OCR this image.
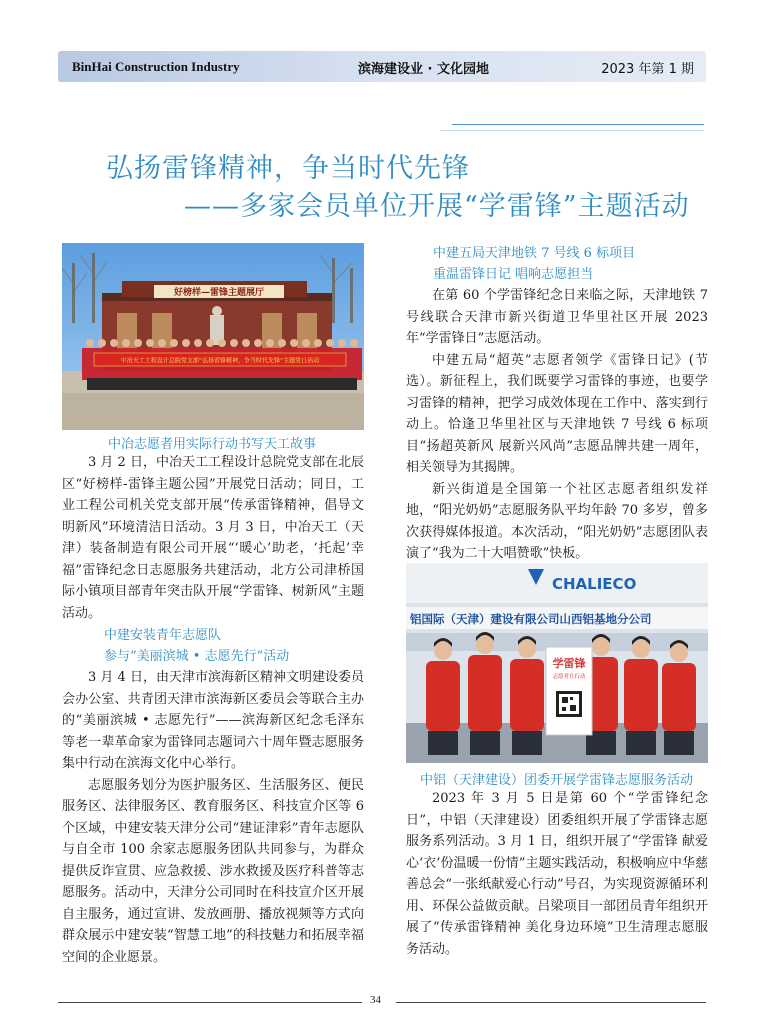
BinHai Construction Industry	滨海建设业 · 文化园地	2023 年第 1 期
弘扬雷锋精神，争当时代先锋
——多家会员单位开展“学雷锋”主题活动
好榜样—雷锋主题展厅
中冶天工工程设计总院党支部“弘扬雷锋精神，争当时代先锋”主题党日活动
中冶志愿者用实际行动书写天工故事

3 月 2 日，中冶天工工程设计总院党支部在北辰区“好榜样-雷锋主题公园”开展党日活动；同日，工业工程公司机关党支部开展“传承雷锋精神，倡导文明新风”环境清洁日活动。3 月 3 日，中冶天工（天津）装备制造有限公司开展“‘暖心’助老，‘托起’幸福”雷锋纪念日志愿服务共建活动，北方公司津桥国际小镇项目部青年突击队开展“学雷锋、树新风”主题活动。

中建安装青年志愿队
参与“美丽滨城 • 志愿先行”活动

3 月 4 日，由天津市滨海新区精神文明建设委员会办公室、共青团天津市滨海新区委员会等联合主办的“美丽滨城 • 志愿先行”——滨海新区纪念毛泽东等老一辈革命家为雷锋同志题词六十周年暨志愿服务集中行动在滨海文化中心举行。

志愿服务划分为医护服务区、生活服务区、便民服务区、法律服务区、教育服务区、科技宣介区等 6 个区域，中建安装天津分公司“建证津彩”青年志愿队与自全市 100 余家志愿服务团队共同参与，为群众提供反诈宣贯、应急救援、涉水救援及医疗科普等志愿服务。活动中，天津分公司同时在科技宣介区开展自主服务，通过宣讲、发放画册、播放视频等方式向群众展示中建安装“智慧工地”的科技魅力和拓展幸福空间的企业愿景。

中建五局天津地铁 7 号线 6 标项目
重温雷锋日记 唱响志愿担当

在第 60 个学雷锋纪念日来临之际，天津地铁 7 号线联合天津市新兴街道卫华里社区开展 2023 年“学雷锋日”志愿活动。

中建五局“超英”志愿者领学《雷锋日记》(节选）。新征程上，我们既要学习雷锋的事迹，也要学习雷锋的精神，把学习成效体现在工作中、落实到行动上。恰逢卫华里社区与天津地铁 7 号线 6 标项目“扬超英新风 展新兴风尚”志愿品牌共建一周年，相关领导为其揭牌。

新兴街道是全国第一个社区志愿者组织发祥地，“阳光奶奶”志愿服务队平均年龄 70 多岁，曾多次获得媒体报道。本次活动，“阳光奶奶”志愿团队表演了“我为二十大唱赞歌”快板。

CHALIECO
铝国际（天津）建设有限公司山西铝基地分公司
学雷锋
志愿者在行动
中铝（天津建设）团委开展学雷锋志愿服务活动

2023 年 3 月 5 日是第 60 个“学雷锋纪念日”，中铝（天津建设）团委组织开展了学雷锋志愿服务系列活动。3 月 1 日，组织开展了“学雷锋 献爱心‘衣’份温暖一份情”主题实践活动，积极响应中华慈善总会“一张纸献爱心行动”号召，为实现资源循环利用、环保公益做贡献。吕梁项目一部团员青年组织开展了“传承雷锋精神 美化身边环境”卫生清理志愿服务活动。

34
